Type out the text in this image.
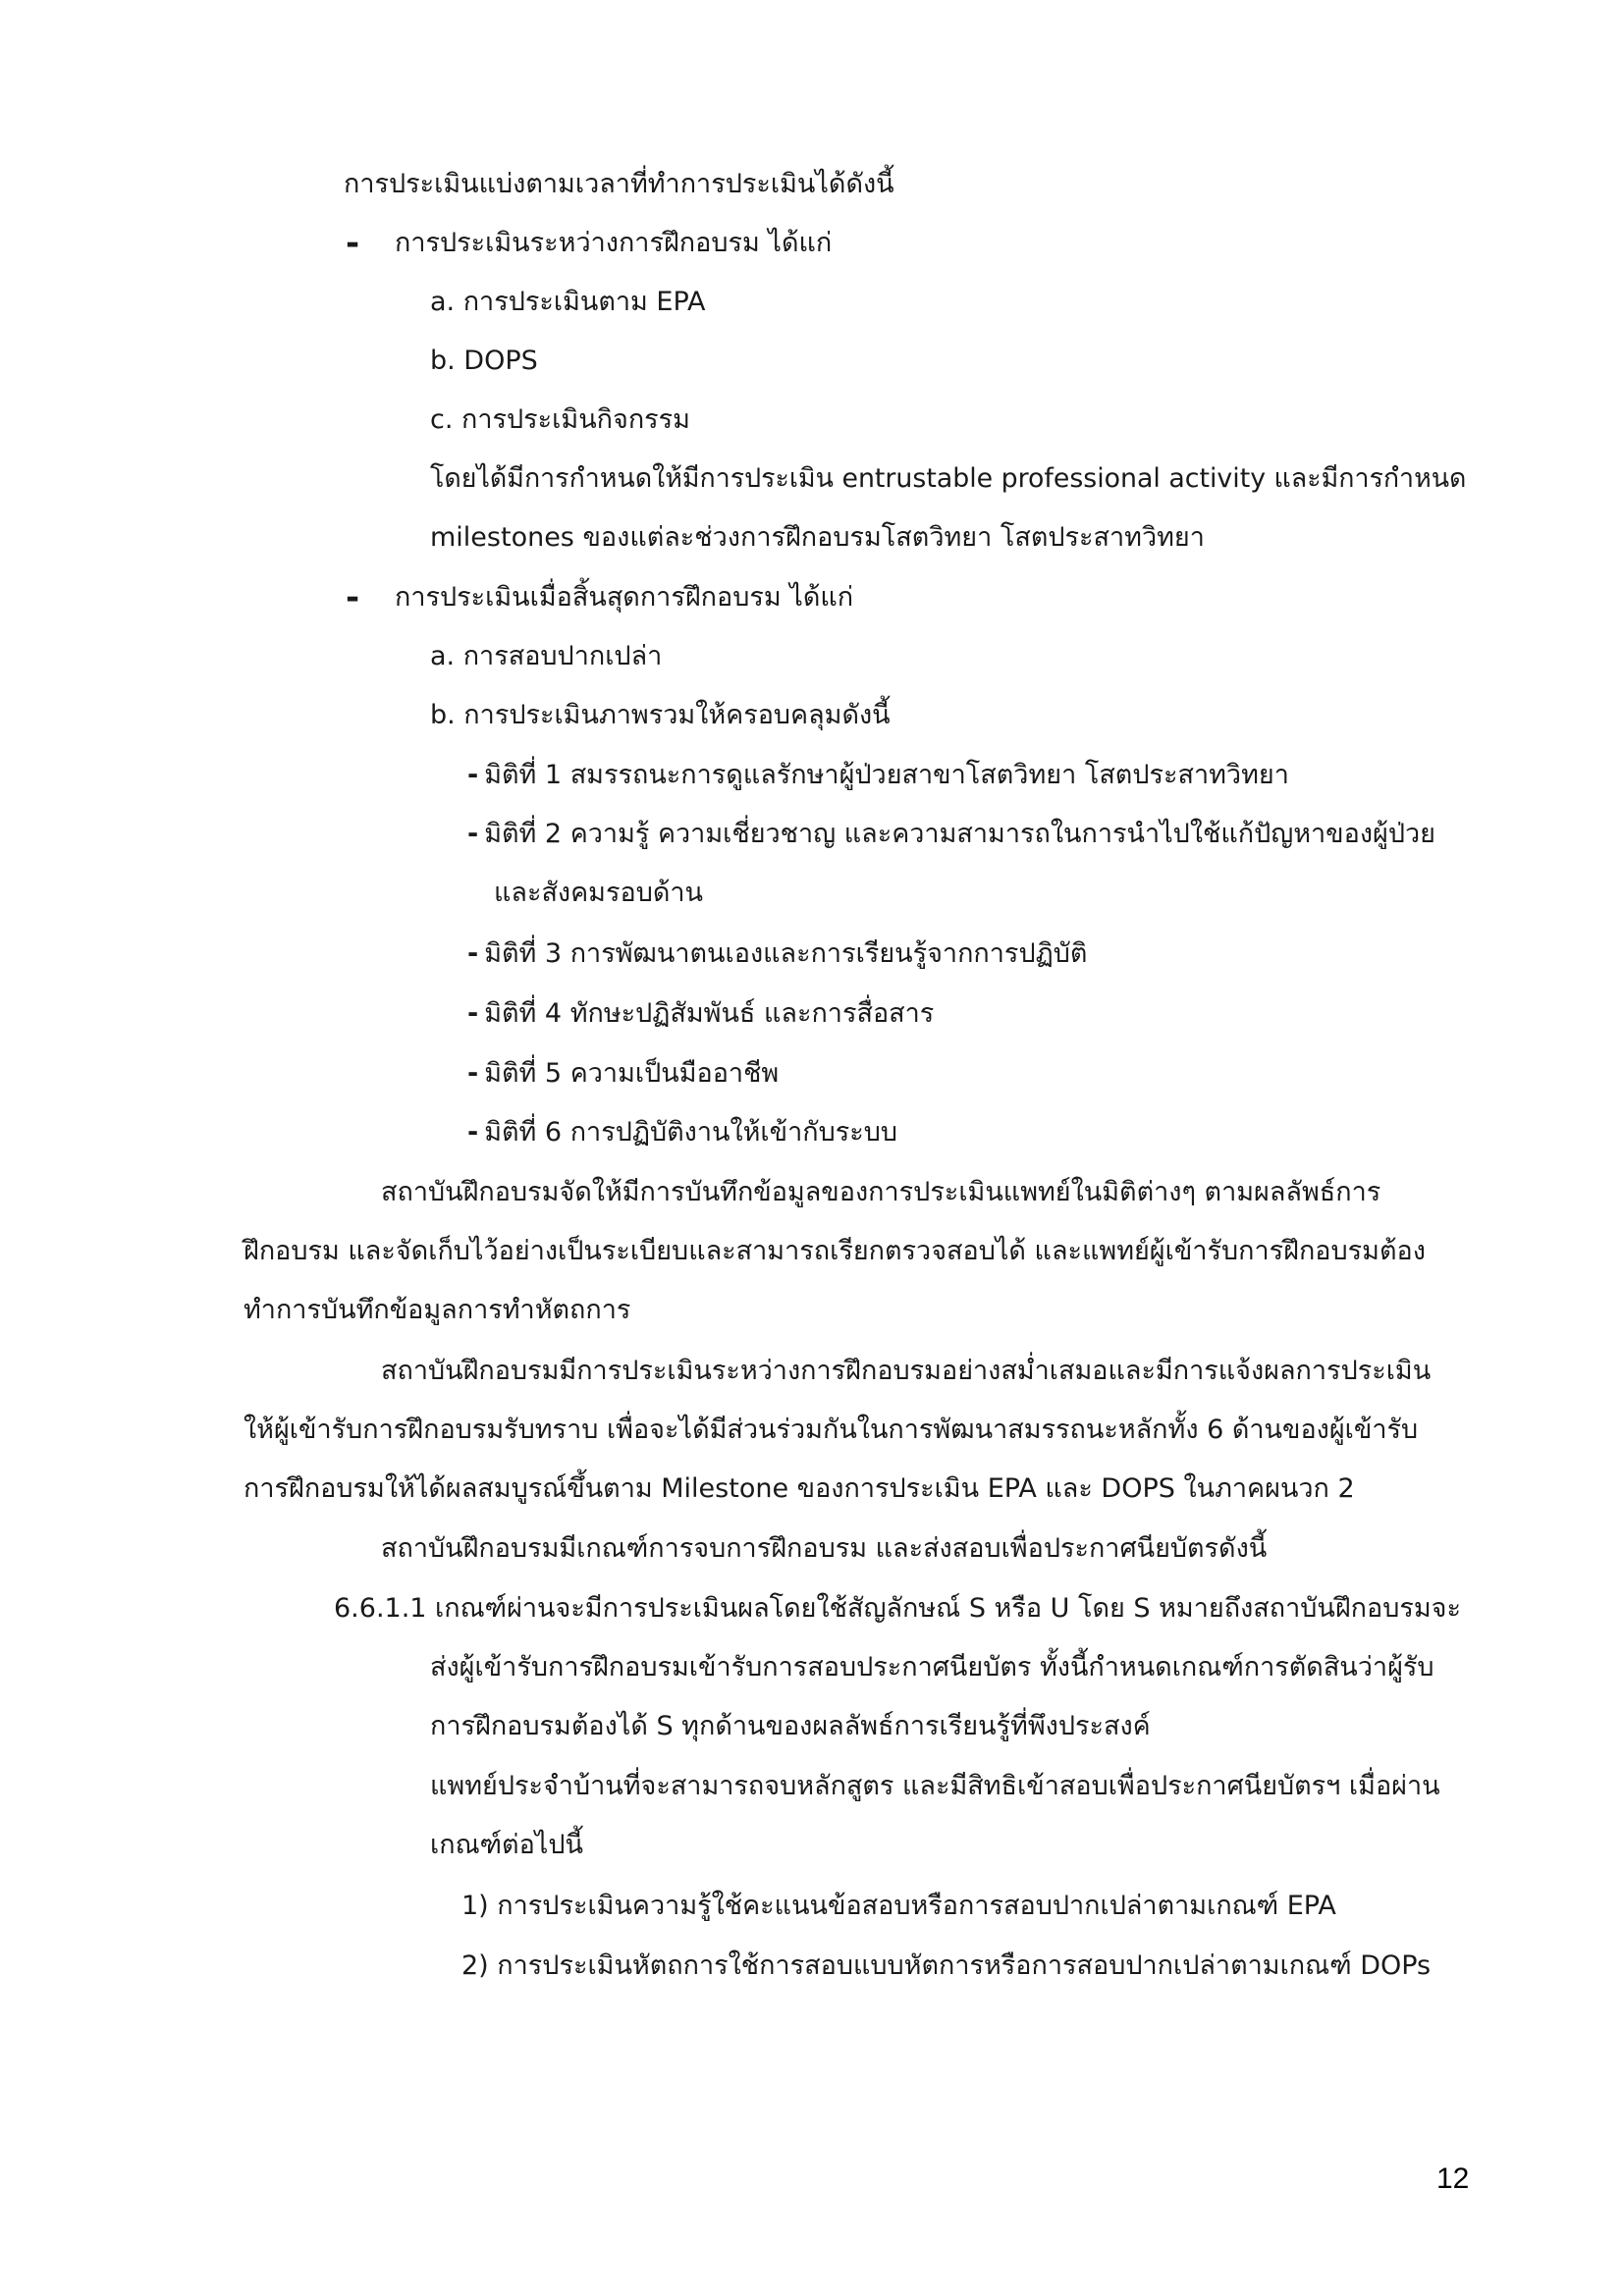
การประเมินแบ่งตามเวลาที่ทำการประเมินได้ดังนี้

- การประเมินระหว่างการฝึกอบรม ได้แก่

a. การประเมินตาม EPA

b. DOPS

c. การประเมินกิจกรรม

โดยได้มีการกำหนดให้มีการประเมิน entrustable professional activity และมีการกำหนด

milestones ของแต่ละช่วงการฝึกอบรมโสตวิทยา โสตประสาทวิทยา

- การประเมินเมื่อสิ้นสุดการฝึกอบรม ได้แก่

a. การสอบปากเปล่า

b. การประเมินภาพรวมให้ครอบคลุมดังนี้

- มิติที่ 1 สมรรถนะการดูแลรักษาผู้ป่วยสาขาโสตวิทยา โสตประสาทวิทยา

- มิติที่ 2 ความรู้ ความเชี่ยวชาญ และความสามารถในการนำไปใช้แก้ปัญหาของผู้ป่วย

และสังคมรอบด้าน

- มิติที่ 3 การพัฒนาตนเองและการเรียนรู้จากการปฏิบัติ

- มิติที่ 4 ทักษะปฏิสัมพันธ์ และการสื่อสาร

- มิติที่ 5 ความเป็นมืออาชีพ

- มิติที่ 6 การปฏิบัติงานให้เข้ากับระบบ

สถาบันฝึกอบรมจัดให้มีการบันทึกข้อมูลของการประเมินแพทย์ในมิติต่างๆ ตามผลลัพธ์การ

ฝึกอบรม และจัดเก็บไว้อย่างเป็นระเบียบและสามารถเรียกตรวจสอบได้ และแพทย์ผู้เข้ารับการฝึกอบรมต้อง

ทำการบันทึกข้อมูลการทำหัตถการ

สถาบันฝึกอบรมมีการประเมินระหว่างการฝึกอบรมอย่างสม่ำเสมอและมีการแจ้งผลการประเมิน

ให้ผู้เข้ารับการฝึกอบรมรับทราบ เพื่อจะได้มีส่วนร่วมกันในการพัฒนาสมรรถนะหลักทั้ง 6 ด้านของผู้เข้ารับ

การฝึกอบรมให้ได้ผลสมบูรณ์ขึ้นตาม Milestone ของการประเมิน EPA และ DOPS ในภาคผนวก 2

สถาบันฝึกอบรมมีเกณฑ์การจบการฝึกอบรม และส่งสอบเพื่อประกาศนียบัตรดังนี้

6.6.1.1 เกณฑ์ผ่านจะมีการประเมินผลโดยใช้สัญลักษณ์ S หรือ U โดย S หมายถึงสถาบันฝึกอบรมจะ

ส่งผู้เข้ารับการฝึกอบรมเข้ารับการสอบประกาศนียบัตร ทั้งนี้กำหนดเกณฑ์การตัดสินว่าผู้รับ

การฝึกอบรมต้องได้ S ทุกด้านของผลลัพธ์การเรียนรู้ที่พึงประสงค์

แพทย์ประจำบ้านที่จะสามารถจบหลักสูตร และมีสิทธิเข้าสอบเพื่อประกาศนียบัตรฯ เมื่อผ่าน

เกณฑ์ต่อไปนี้

1) การประเมินความรู้ใช้คะแนนข้อสอบหรือการสอบปากเปล่าตามเกณฑ์ EPA

2) การประเมินหัตถการใช้การสอบแบบหัตการหรือการสอบปากเปล่าตามเกณฑ์ DOPs

12
